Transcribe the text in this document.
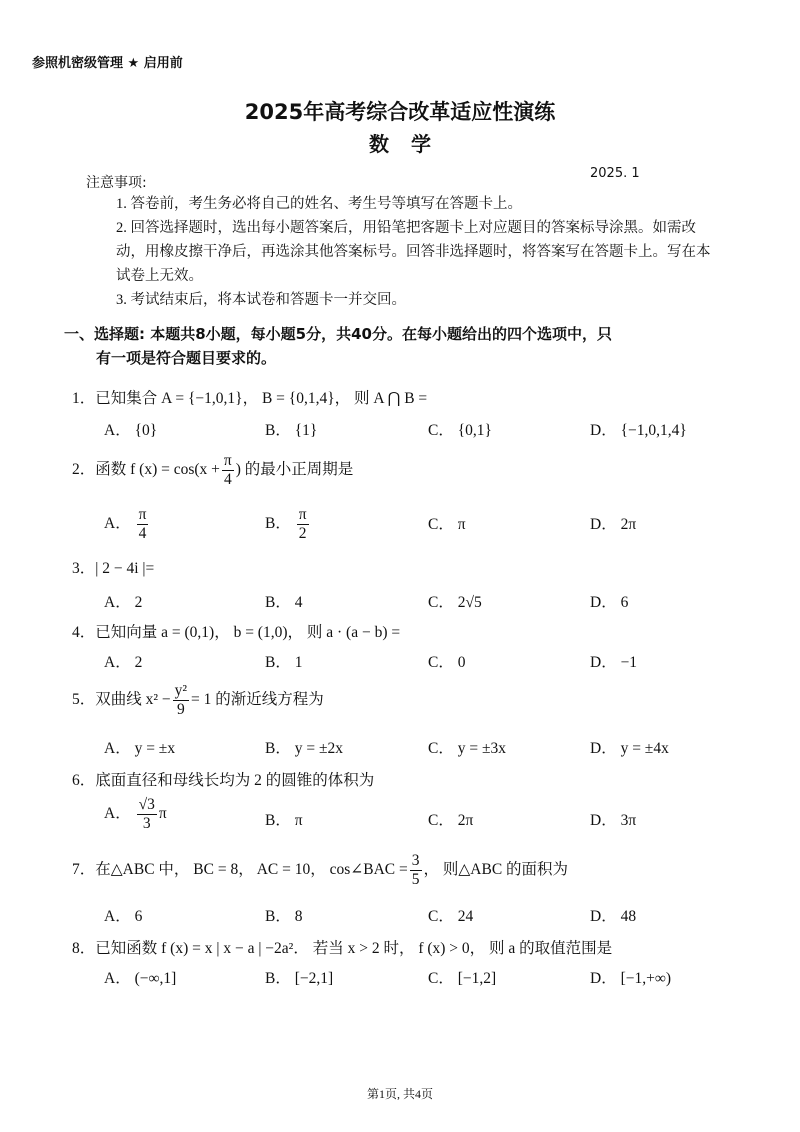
参照机密级管理 ★ 启用前
2025年高考综合改革适应性演练
数学
2025. 1
注意事项:
1. 答卷前，考生务必将自己的姓名、考生号等填写在答题卡上。
2. 回答选择题时，选出每小题答案后，用铅笔把客题卡上对应题目的答案标导涂黑。如需改动，用橡皮擦干净后，再选涂其他答案标号。回答非选择题时，将答案写在答题卡上。写在本试卷上无效。
3. 考试结束后，将本试卷和答题卡一并交回。
一、选择题: 本题共8小题，每小题5分，共40分。在每小题给出的四个选项中，只
有一项是符合题目要求的。
1．已知集合 A = {−1,0,1}， B = {0,1,4}， 则 A ⋂ B =
A． {0}	B． {1}	C． {0,1}	D． {−1,0,1,4}
2．函数 f $(x) = \cos(x + \frac{\pi}{4}$ ) 的最小正周期是
A． $\frac{\pi}{4}$	B． $\frac{\pi}{2}$	C． π	D． 2π
3．| 2 − 4i |=
A． 2	B． 4	C． 2√5	D． 6
4．已知向量 a = (0,1)， b = (1,0)， 则 a · (a − b) =
A． 2	B． 1	C． 0	D． −1
5．双曲线 $x^2 - \frac{\text{y²}}{9} = 1$ 的渐近线方程为
A． y = ±x	B． y = ±2x	C． y = ±3x	D． y = ±4x
6．底面直径和母线长均为 2 的圆锥的体积为
A． $\frac{√3}{3}$ π	B． π	C． 2π	D． 3π
7．在△ABC 中， BC = 8， AC = 10， cos∠BAC = $\frac{3}{5}$ ， 则△ABC 的面积为
A． 6	B． 8	C． 24	D． 48
8．已知函数 f (x) = x | x − a | −2a²． 若当 x > 2 时， f (x) > 0， 则 a 的取值范围是
A． (−∞,1]	B． [−2,1]	C． [−1,2]	D． [−1,+∞)
第1页, 共4页
